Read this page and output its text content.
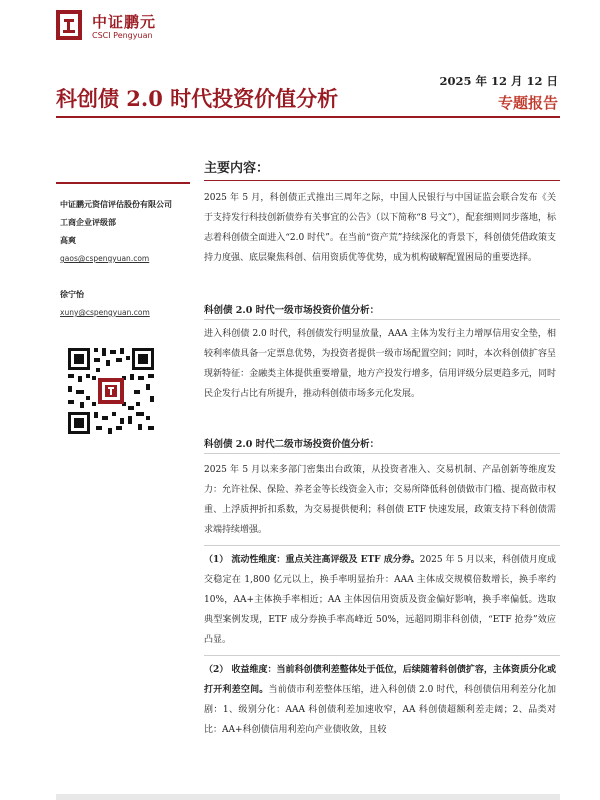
中证鹏元
CSCI Pengyuan
科创债 2.0 时代投资价值分析
2025 年 12 月 12 日
专题报告
中证鹏元资信评估股份有限公司
工商企业评级部
高爽
gaos@cspengyuan.com
徐宁怡
xuny@cspengyuan.com
主要内容：
2025 年 5 月，科创债正式推出三周年之际，中国人民银行与中国证监会联合发布《关于支持发行科技创新债券有关事宜的公告》（以下简称“8 号文”），配套细则同步落地，标志着科创债全面进入“2.0 时代”。在当前“资产荒”持续深化的背景下，科创债凭借政策支持力度强、底层聚焦科创、信用资质优等优势，成为机构破解配置困局的重要选择。
科创债 2.0 时代一级市场投资价值分析：
进入科创债 2.0 时代，科创债发行明显放量，AAA 主体为发行主力增厚信用安全垫，相较利率债具备一定票息优势，为投资者提供一级市场配置空间；同时，本次科创债扩容呈现新特征：金融类主体提供重要增量，地方产投发行增多，信用评级分层更趋多元，同时民企发行占比有所提升，推动科创债市场多元化发展。
科创债 2.0 时代二级市场投资价值分析：
2025 年 5 月以来多部门密集出台政策，从投资者准入、交易机制、产品创新等维度发力：允许社保、保险、养老金等长线资金入市；交易所降低科创债做市门槛、提高做市权重、上浮质押折扣系数，为交易提供便利；科创债 ETF 快速发展，政策支持下科创债需求端持续增强。
（1） 流动性维度：重点关注高评级及 ETF 成分券。2025 年 5 月以来，科创债月度成交稳定在 1,800 亿元以上，换手率明显抬升：AAA 主体成交规模倍数增长，换手率约 10%，AA+主体换手率相近；AA 主体因信用资质及资金偏好影响，换手率偏低。选取典型案例发现，ETF 成分券换手率高峰近 50%，远超同期非科创债，“ETF 抢券”效应凸显。
（2） 收益维度：当前科创债利差整体处于低位，后续随着科创债扩容，主体资质分化或打开利差空间。当前债市利差整体压缩，进入科创债 2.0 时代，科创债信用利差分化加剧：1、级别分化：AAA 科创债利差加速收窄，AA 科创债超额利差走阔；2、品类对比：AA+科创债信用利差向产业债收敛，且较
